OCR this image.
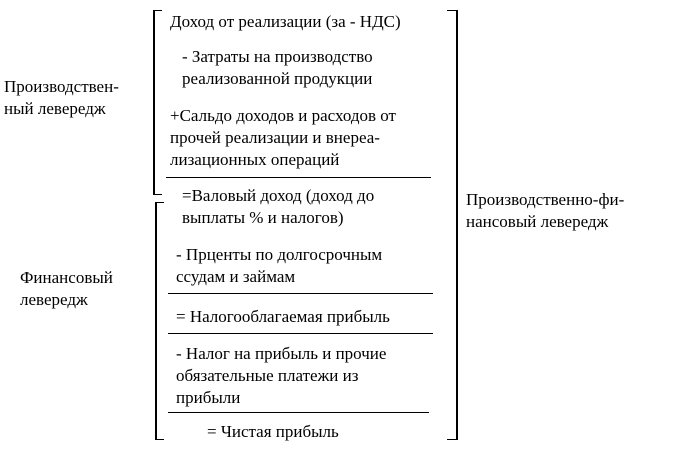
Производствен-
ный левередж
Финансовый
левередж
Производственно-фи-
нансовый левередж
Доход от реализации (за - НДС)
- Затраты на производство
реализованной продукции
+Сальдо доходов и расходов от
прочей реализации и внереа-
лизационных операций
=Валовый доход (доход до
выплаты % и налогов)
- Прценты по долгосрочным
ссудам и займам
= Налогооблагаемая прибыль
- Налог на прибыль и прочие
обязательные платежи из
прибыли
= Чистая прибыль
